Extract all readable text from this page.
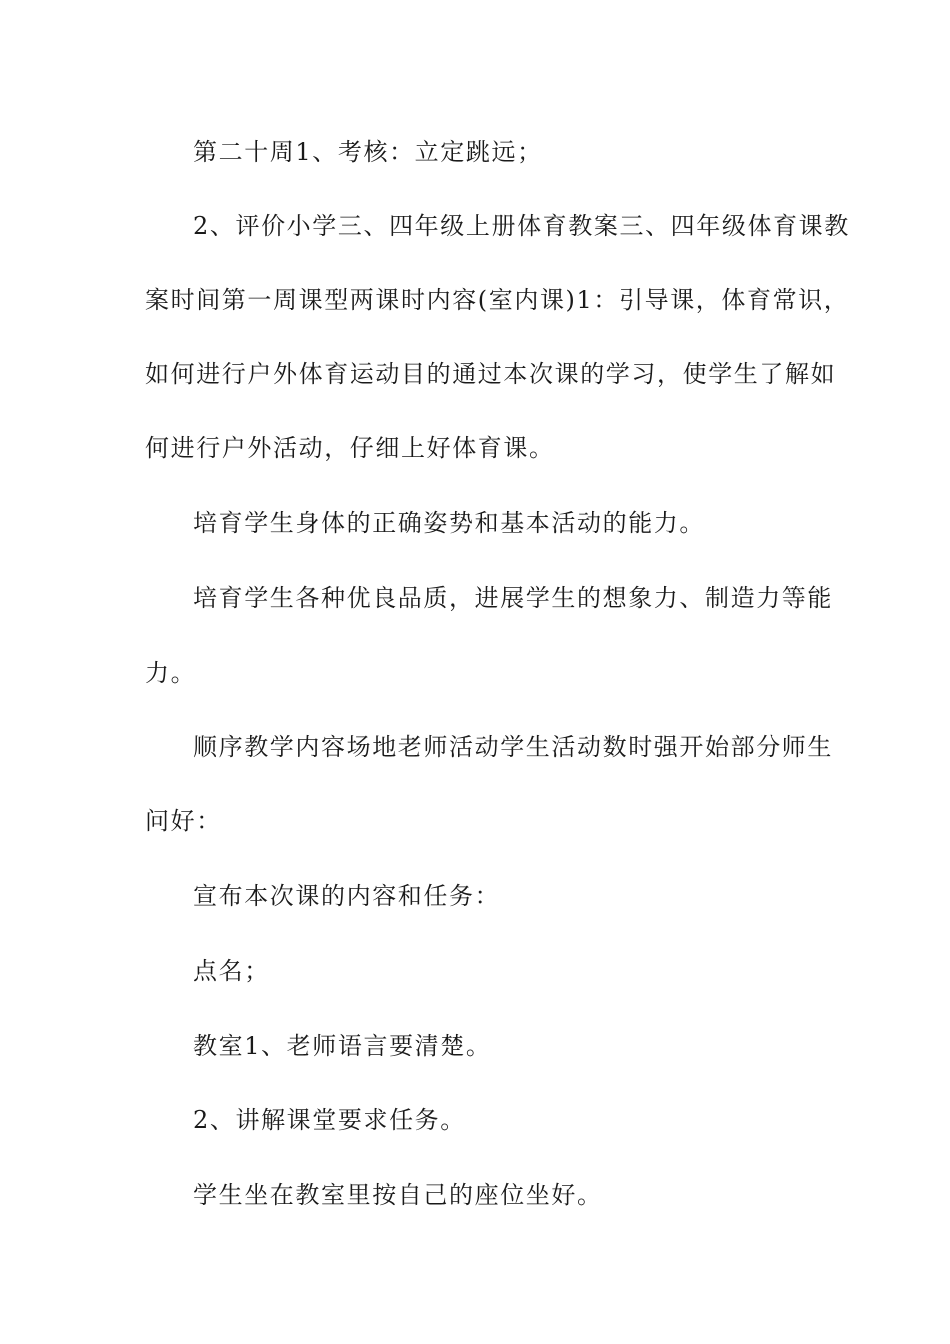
第二十周1、考核：立定跳远；
2、评价小学三、四年级上册体育教案三、四年级体育课教
案时间第一周课型两课时内容(室内课)1：引导课，体育常识，
如何进行户外体育运动目的通过本次课的学习，使学生了解如
何进行户外活动，仔细上好体育课。
培育学生身体的正确姿势和基本活动的能力。
培育学生各种优良品质，进展学生的想象力、制造力等能
力。
顺序教学内容场地老师活动学生活动数时强开始部分师生
问好：
宣布本次课的内容和任务：
点名；
教室1、老师语言要清楚。
2、讲解课堂要求任务。
学生坐在教室里按自己的座位坐好。
